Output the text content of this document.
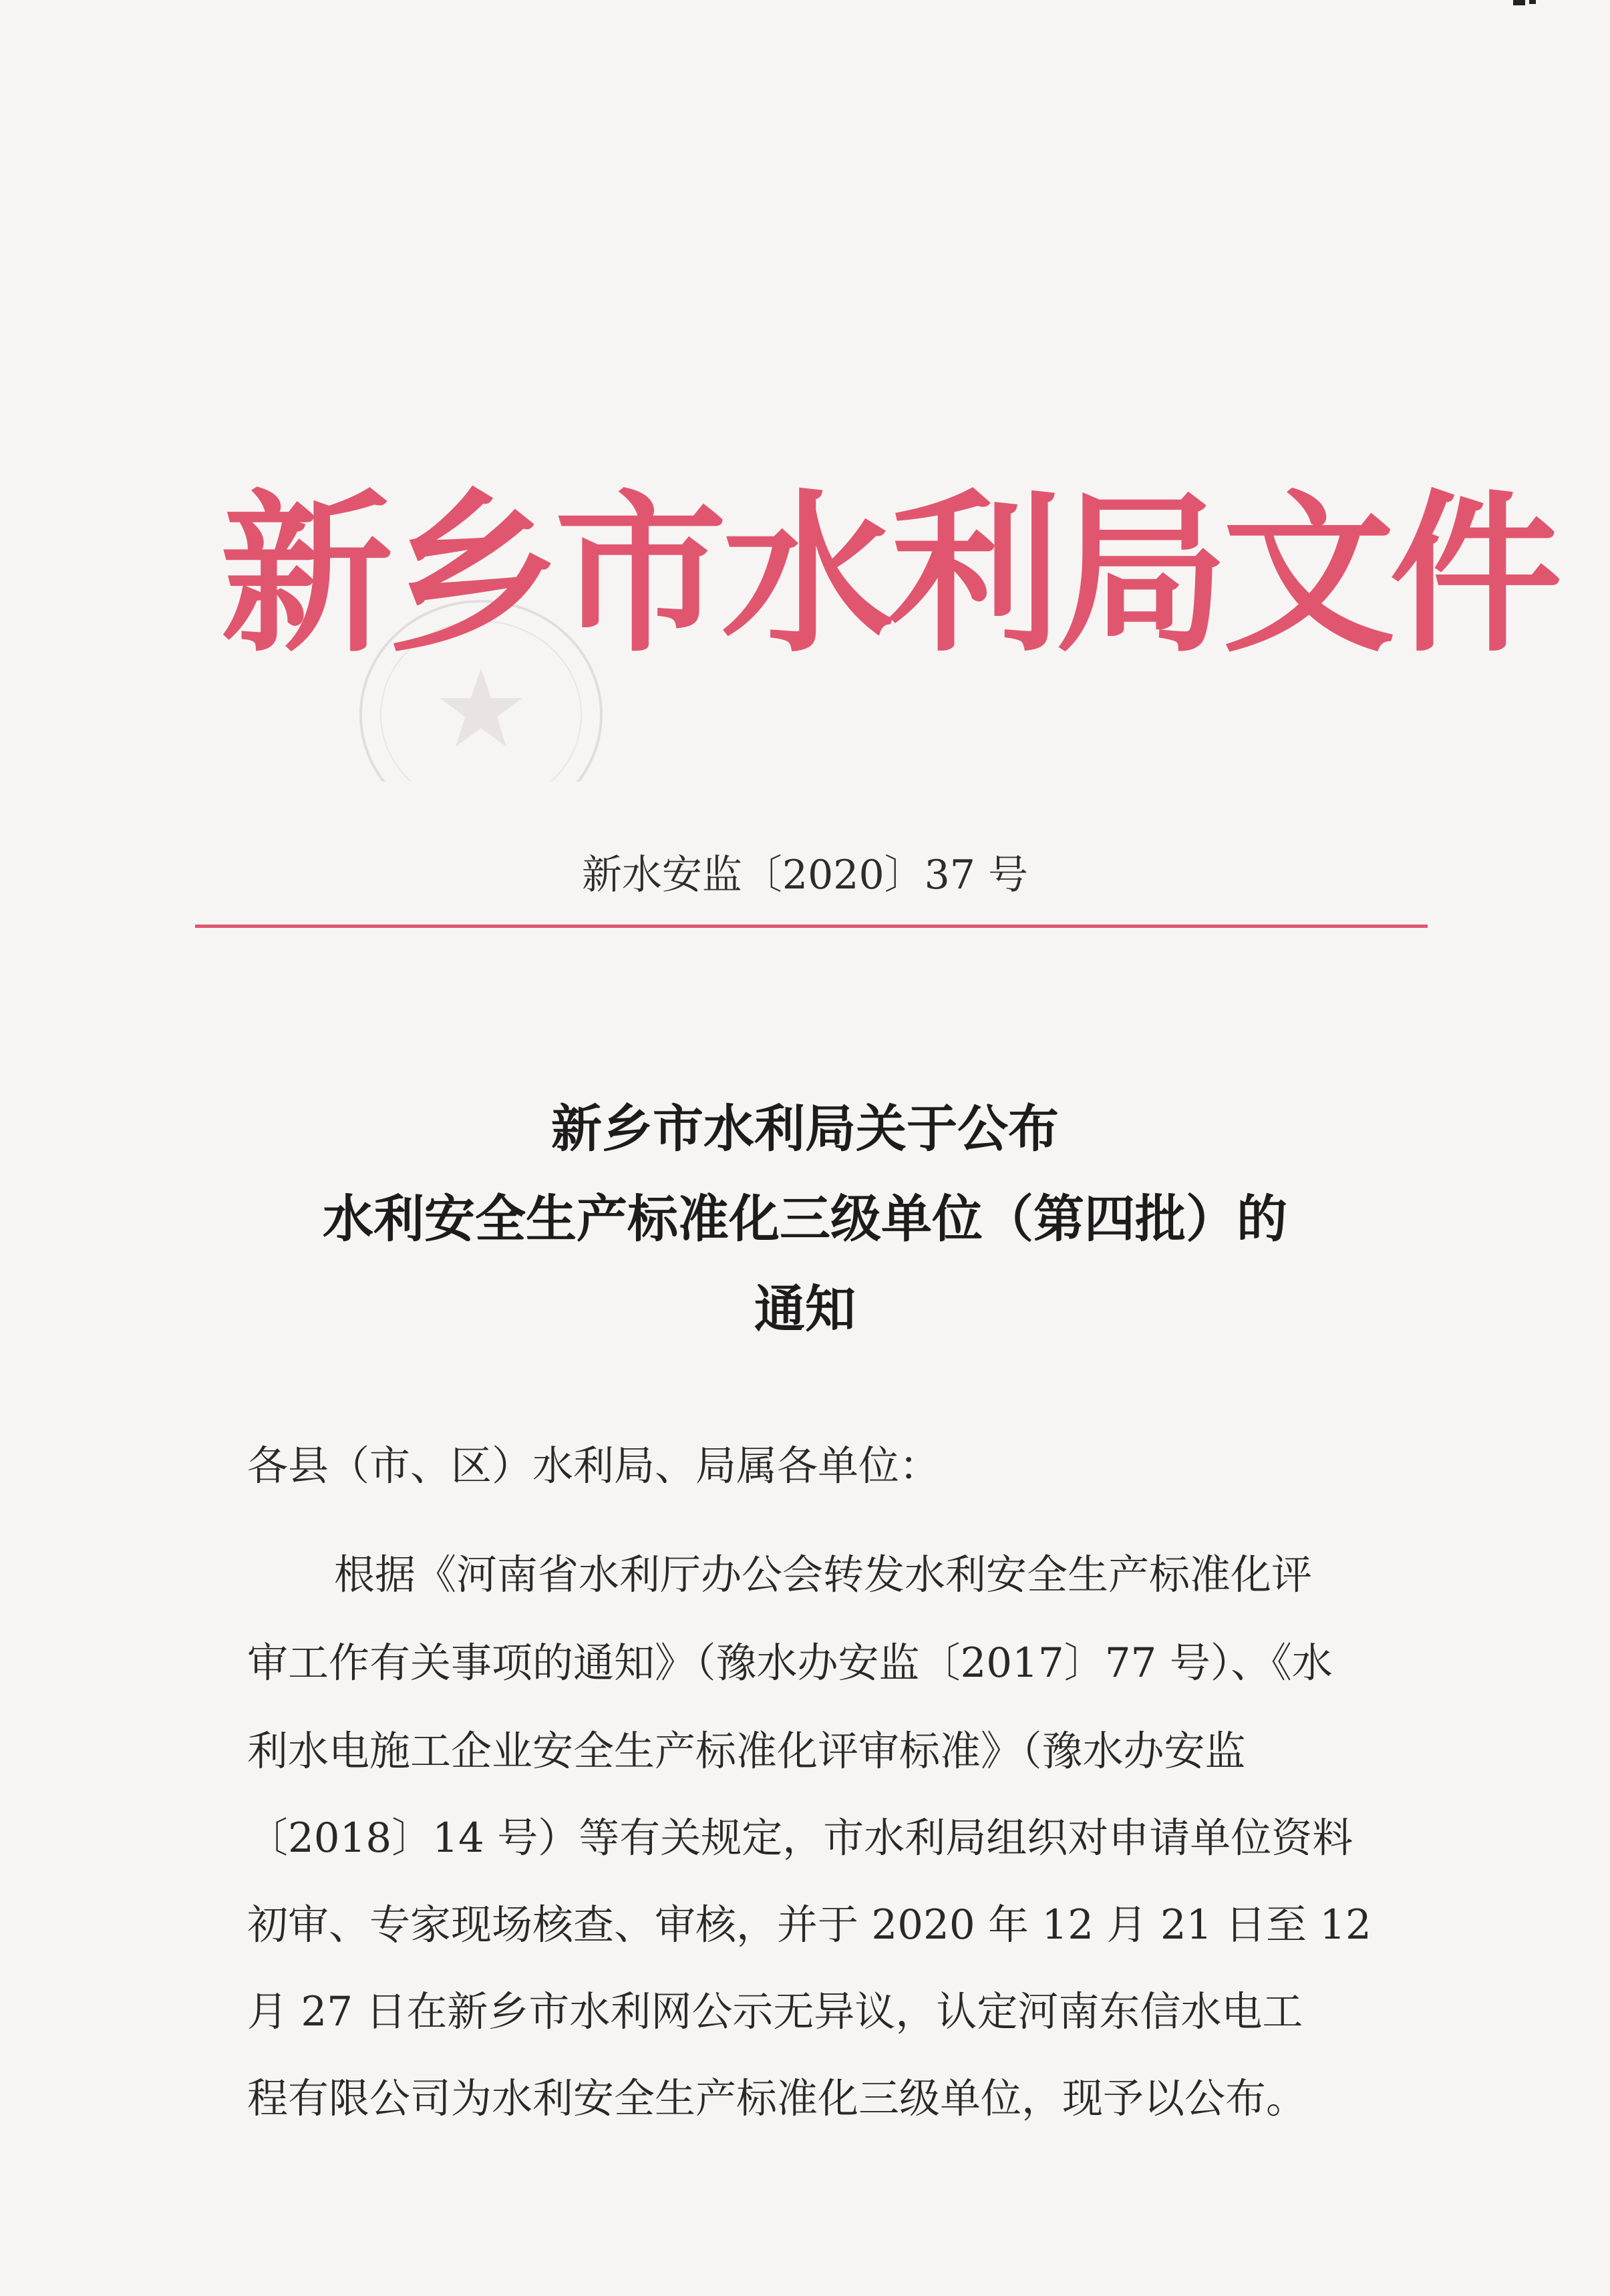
新乡市水利局文件
新水安监〔2020〕37 号
新乡市水利局关于公布
水利安全生产标准化三级单位（第四批）的
通知
各县（市、区）水利局、局属各单位：
根据《河南省水利厅办公会转发水利安全生产标准化评
审工作有关事项的通知》（豫水办安监〔2017〕77 号）、《水
利水电施工企业安全生产标准化评审标准》（豫水办安监
〔2018〕14 号）等有关规定，市水利局组织对申请单位资料
初审、专家现场核查、审核，并于 2020 年 12 月 21 日至 12
月 27 日在新乡市水利网公示无异议，认定河南东信水电工
程有限公司为水利安全生产标准化三级单位，现予以公布。
